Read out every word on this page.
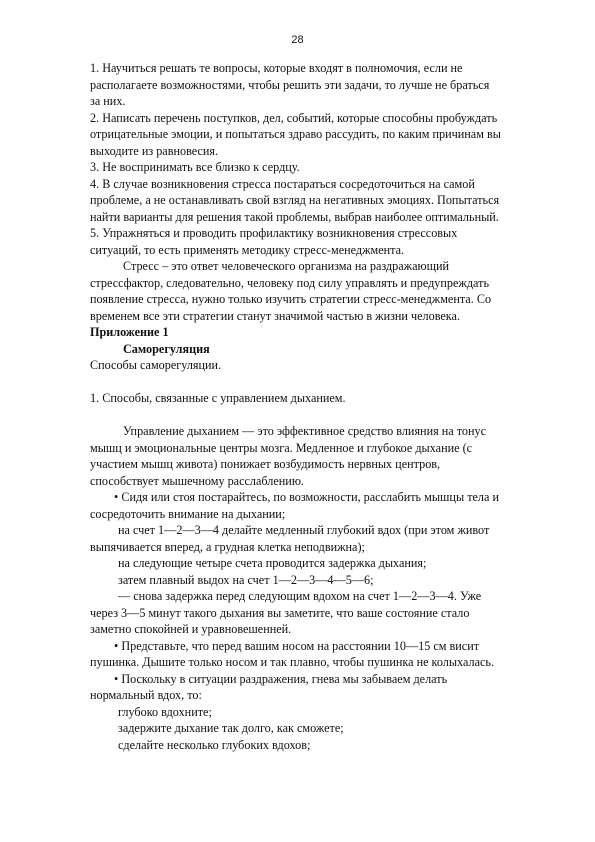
28
1. Научиться решать те вопросы, которые входят в полномочия, если не
располагаете возможностями, чтобы решить эти задачи, то лучше не браться
за них.
2. Написать перечень поступков, дел, событий, которые способны пробуждать
отрицательные эмоции, и попытаться здраво рассудить, по каким причинам вы
выходите из равновесия.
3. Не воспринимать все близко к сердцу.
4. В случае возникновения стресса постараться сосредоточиться на самой
проблеме, а не останавливать свой взгляд на негативных эмоциях. Попытаться
найти варианты для решения такой проблемы, выбрав наиболее оптимальный.
5. Упражняться и проводить профилактику возникновения стрессовых
ситуаций, то есть применять методику стресс-менеджмента.
Стресс – это ответ человеческого организма на раздражающий
стрессфактор, следовательно, человеку под силу управлять и предупреждать
появление стресса, нужно только изучить стратегии стресс-менеджмента. Со
временем все эти стратегии станут значимой частью в жизни человека.
Приложение 1
Саморегуляция
Способы саморегуляции.
1. Способы, связанные с управлением дыханием.
Управление дыханием — это эффективное средство влияния на тонус
мышц и эмоциональные центры мозга. Медленное и глубокое дыхание (с
участием мышц живота) понижает возбудимость нервных центров,
способствует мышечному расслаблению.
• Сидя или стоя постарайтесь, по возможности, расслабить мышцы тела и
сосредоточить внимание на дыхании;
на счет 1—2—3—4 делайте медленный глубокий вдох (при этом живот
выпячивается вперед, а грудная клетка неподвижна);
на следующие четыре счета проводится задержка дыхания;
затем плавный выдох на счет 1—2—3—4—5—6;
— снова задержка перед следующим вдохом на счет 1—2—3—4. Уже
через 3—5 минут такого дыхания вы заметите, что ваше состояние стало
заметно спокойней и уравновешенней.
• Представьте, что перед вашим носом на расстоянии 10—15 см висит
пушинка. Дышите только носом и так плавно, чтобы пушинка не колыхалась.
• Поскольку в ситуации раздражения, гнева мы забываем делать
нормальный вдох, то:
глубоко вдохните;
задержите дыхание так долго, как сможете;
сделайте несколько глубоких вдохов;
